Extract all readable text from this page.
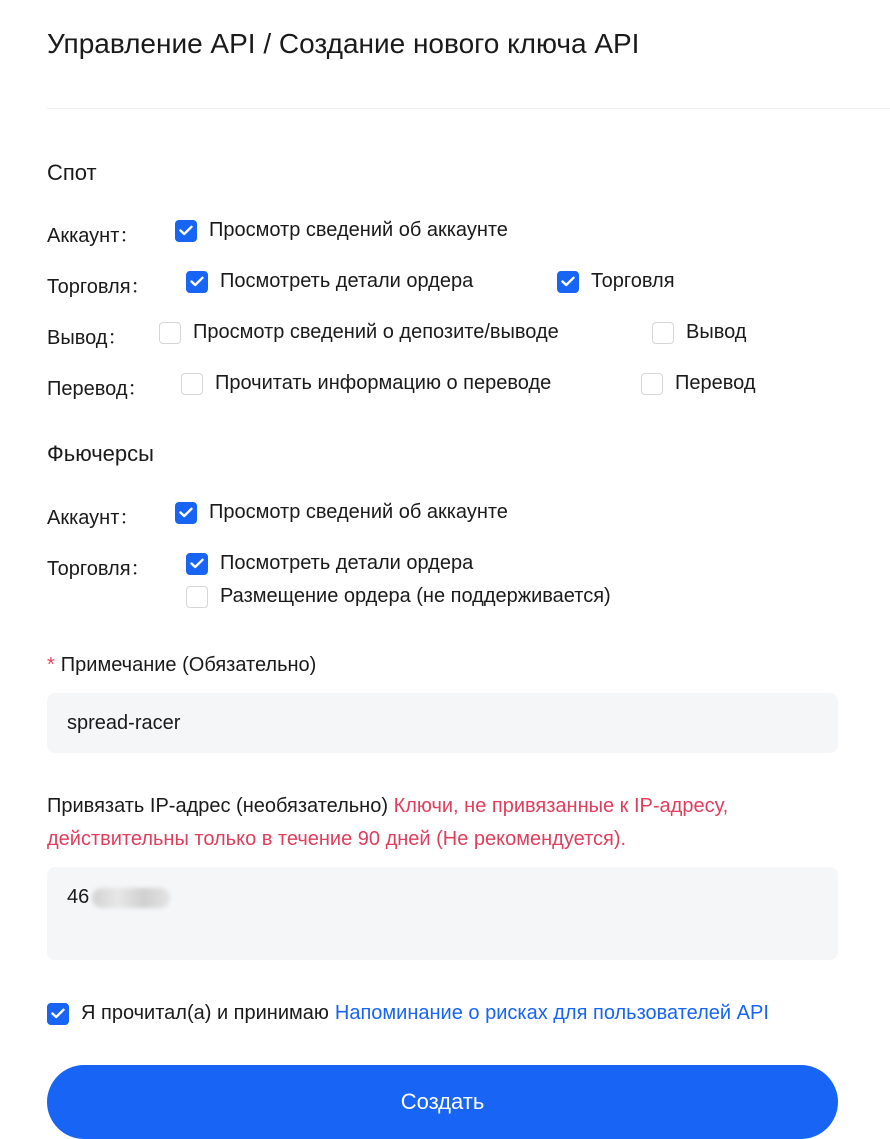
Управление API / Создание нового ключа API
Спот
Аккаунт：	Просмотр сведений об аккаунте
Торговля：	Посмотреть детали ордера	Торговля
Вывод：	Просмотр сведений о депозите/выводе	Вывод
Перевод：	Прочитать информацию о переводе	Перевод
Фьючерсы
Аккаунт：	Просмотр сведений об аккаунте
Торговля：	Посмотреть детали ордера
Размещение ордера (не поддерживается)
* Примечание (Обязательно)
spread-racer
Привязать IP-адрес (необязательно) Ключи, не привязанные к IP-адресу, действительны только в течение 90 дней (Не рекомендуется).
46
Я прочитал(а) и принимаю Напоминание о рисках для пользователей API
Создать
